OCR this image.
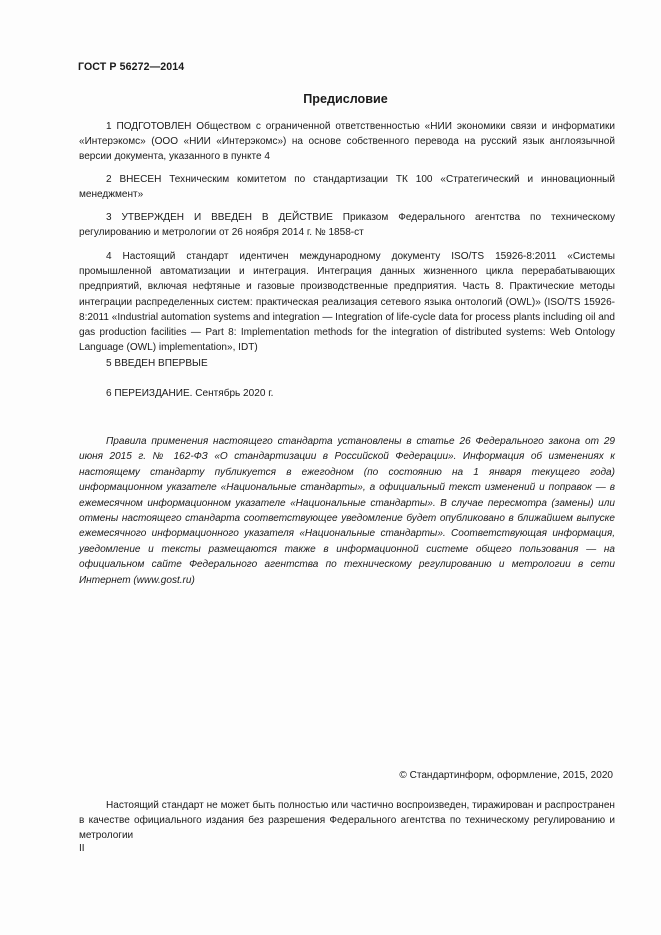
ГОСТ Р 56272—2014
Предисловие

1 ПОДГОТОВЛЕН Обществом с ограниченной ответственностью «НИИ экономики связи и информатики «Интерэкомс» (ООО «НИИ «Интерэкомс») на основе собственного перевода на русский язык англоязычной версии документа, указанного в пункте 4

2 ВНЕСЕН Техническим комитетом по стандартизации ТК 100 «Стратегический и инновационный менеджмент»

3 УТВЕРЖДЕН И ВВЕДЕН В ДЕЙСТВИЕ Приказом Федерального агентства по техническому регулированию и метрологии от 26 ноября 2014 г. № 1858-ст

4 Настоящий стандарт идентичен международному документу ISO/TS 15926-8:2011 «Системы промышленной автоматизации и интеграция. Интеграция данных жизненного цикла перерабатывающих предприятий, включая нефтяные и газовые производственные предприятия. Часть 8. Практические методы интеграции распределенных систем: практическая реализация сетевого языка онтологий (OWL)» (ISO/TS 15926-8:2011 «Industrial automation systems and integration — Integration of life-cycle data for process plants including oil and gas production facilities — Part 8: Implementation methods for the integration of distributed systems: Web Ontology Language (OWL) implementation», IDT)

5 ВВЕДЕН ВПЕРВЫЕ

6 ПЕРЕИЗДАНИЕ. Сентябрь 2020 г.

Правила применения настоящего стандарта установлены в статье 26 Федерального закона от 29 июня 2015 г. № 162-ФЗ «О стандартизации в Российской Федерации». Информация об изменениях к настоящему стандарту публикуется в ежегодном (по состоянию на 1 января текущего года) информационном указателе «Национальные стандарты», а официальный текст изменений и поправок — в ежемесячном информационном указателе «Национальные стандарты». В случае пересмотра (замены) или отмены настоящего стандарта соответствующее уведомление будет опубликовано в ближайшем выпуске ежемесячного информационного указателя «Национальные стандарты». Соответствующая информация, уведомление и тексты размещаются также в информационной системе общего пользования — на официальном сайте Федерального агентства по техническому регулированию и метрологии в сети Интернет (www.gost.ru)

© Стандартинформ, оформление, 2015, 2020

Настоящий стандарт не может быть полностью или частично воспроизведен, тиражирован и распространен в качестве официального издания без разрешения Федерального агентства по техническому регулированию и метрологии

II
